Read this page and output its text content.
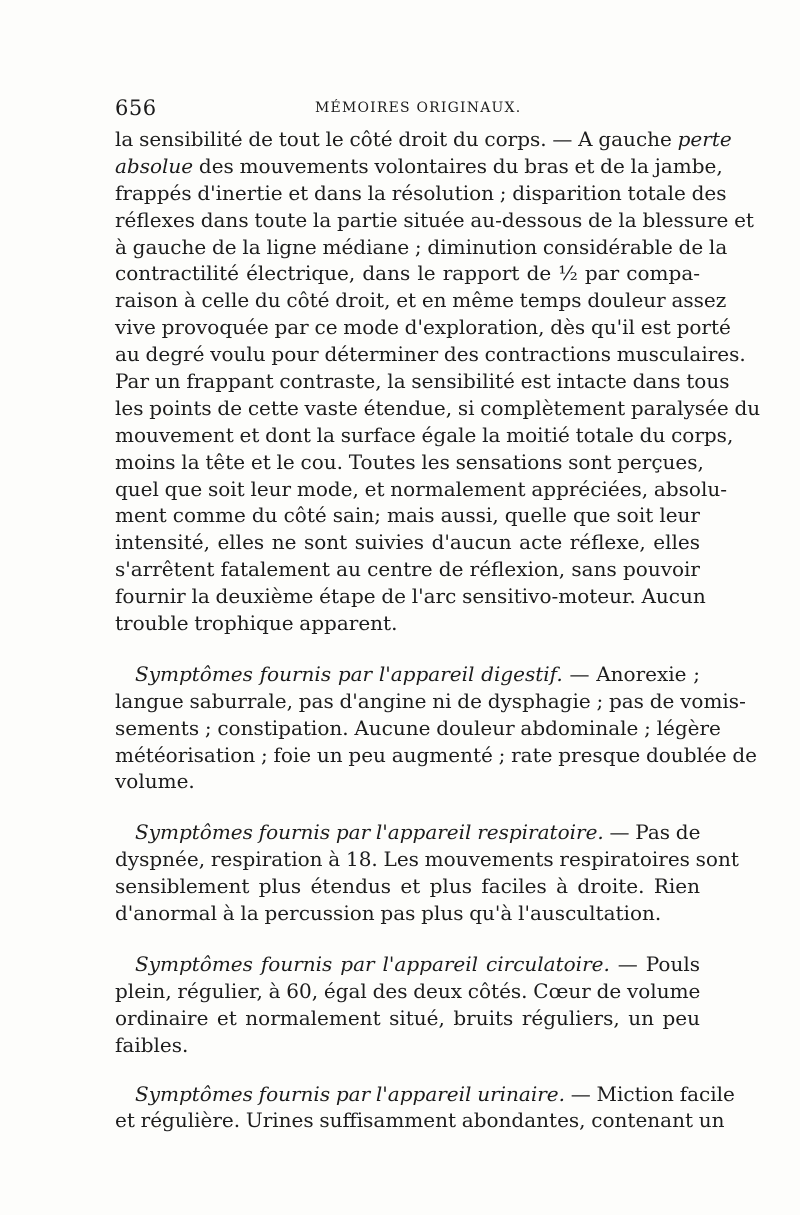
656	MÉMOIRES ORIGINAUX.
la sensibilité de tout le côté droit du corps. — A gauche perte
absolue des mouvements volontaires du bras et de la jambe,
frappés d'inertie et dans la résolution ; disparition totale des
réflexes dans toute la partie située au-dessous de la blessure et
à gauche de la ligne médiane ; diminution considérable de la
contractilité électrique, dans le rapport de ½ par compa-
raison à celle du côté droit, et en même temps douleur assez
vive provoquée par ce mode d'exploration, dès qu'il est porté
au degré voulu pour déterminer des contractions musculaires.
Par un frappant contraste, la sensibilité est intacte dans tous
les points de cette vaste étendue, si complètement paralysée du
mouvement et dont la surface égale la moitié totale du corps,
moins la tête et le cou. Toutes les sensations sont perçues,
quel que soit leur mode, et normalement appréciées, absolu-
ment comme du côté sain; mais aussi, quelle que soit leur
intensité, elles ne sont suivies d'aucun acte réflexe, elles
s'arrêtent fatalement au centre de réflexion, sans pouvoir
fournir la deuxième étape de l'arc sensitivo-moteur. Aucun
trouble trophique apparent.
Symptômes fournis par l'appareil digestif. — Anorexie ;
langue saburrale, pas d'angine ni de dysphagie ; pas de vomis-
sements ; constipation. Aucune douleur abdominale ; légère
météorisation ; foie un peu augmenté ; rate presque doublée de
volume.
Symptômes fournis par l'appareil respiratoire. — Pas de
dyspnée, respiration à 18. Les mouvements respiratoires sont
sensiblement plus étendus et plus faciles à droite. Rien
d'anormal à la percussion pas plus qu'à l'auscultation.
Symptômes fournis par l'appareil circulatoire. — Pouls
plein, régulier, à 60, égal des deux côtés. Cœur de volume
ordinaire et normalement situé, bruits réguliers, un peu
faibles.
Symptômes fournis par l'appareil urinaire. — Miction facile
et régulière. Urines suffisamment abondantes, contenant un
